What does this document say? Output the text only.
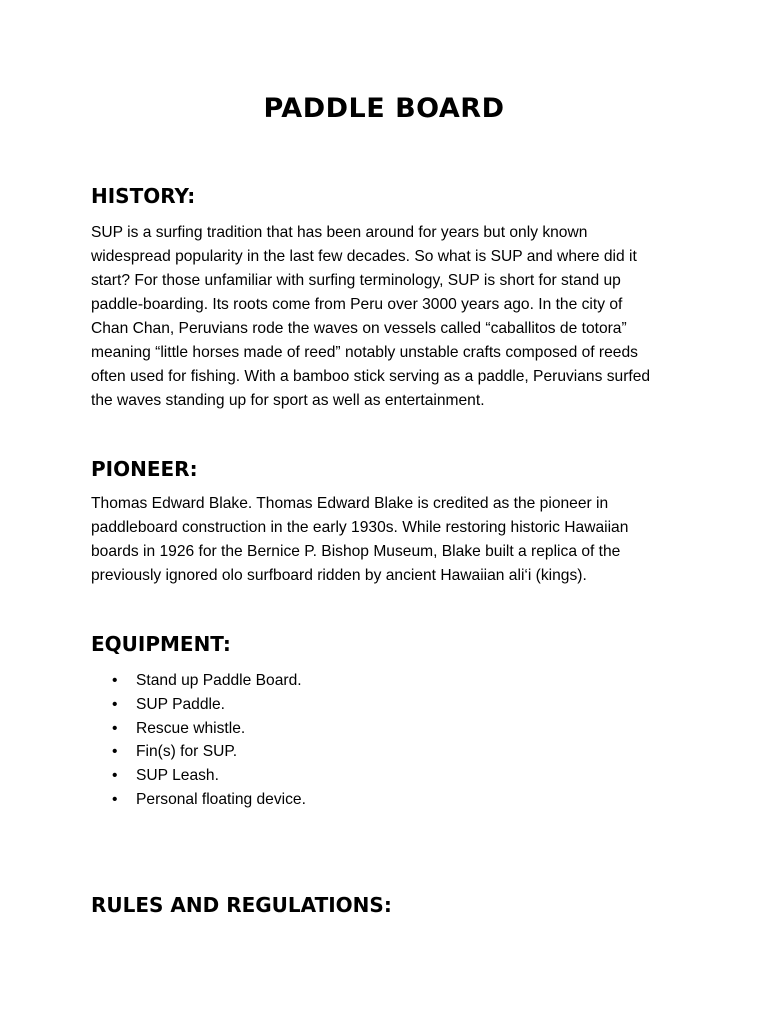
PADDLE BOARD
HISTORY:

SUP is a surfing tradition that has been around for years but only known
widespread popularity in the last few decades. So what is SUP and where did it
start? For those unfamiliar with surfing terminology, SUP is short for stand up
paddle-boarding. Its roots come from Peru over 3000 years ago. In the city of
Chan Chan, Peruvians rode the waves on vessels called “caballitos de totora”
meaning “little horses made of reed” notably unstable crafts composed of reeds
often used for fishing. With a bamboo stick serving as a paddle, Peruvians surfed
the waves standing up for sport as well as entertainment.

PIONEER:

Thomas Edward Blake. Thomas Edward Blake is credited as the pioneer in
paddleboard construction in the early 1930s. While restoring historic Hawaiian
boards in 1926 for the Bernice P. Bishop Museum, Blake built a replica of the
previously ignored olo surfboard ridden by ancient Hawaiian ali‘i (kings).

EQUIPMENT:
• Stand up Paddle Board.
• SUP Paddle.
• Rescue whistle.
• Fin(s) for SUP.
• SUP Leash.
• Personal floating device.
RULES AND REGULATIONS:
